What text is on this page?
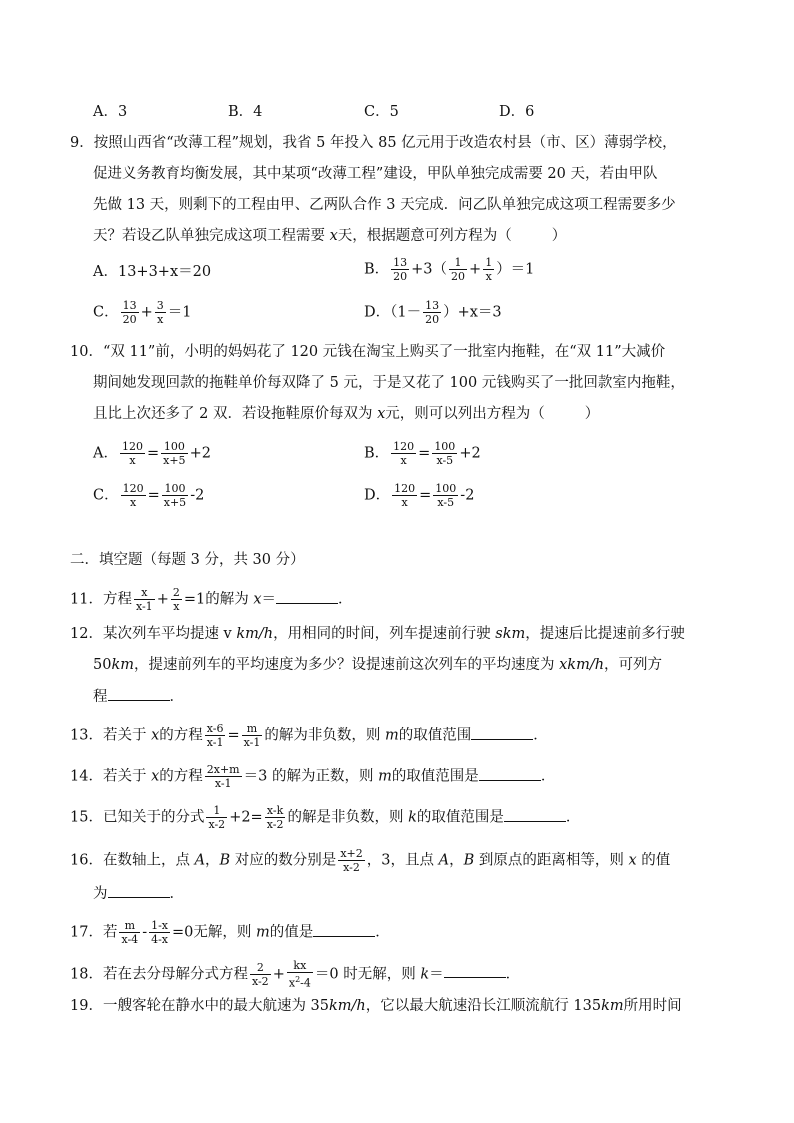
A．3	B．4	C．5	D．6
9．按照山西省“改薄工程”规划，我省 5 年投入 85 亿元用于改造农村县（市、区）薄弱学校，
促进义务教育均衡发展，其中某项“改薄工程”建设，甲队单独完成需要 20 天，若由甲队
先做 13 天，则剩下的工程由甲、乙两队合作 3 天完成．问乙队单独完成这项工程需要多少
天？若设乙队单独完成这项工程需要 x天，根据题意可列方程为（	）
A．13+3+x＝20	B． $\frac{13}{20} +3( \frac{1}{20} + \frac{1}{x} )=1$
C． $\frac{13}{20} + \frac{3}{x} =1$	D．$(1- \frac{13}{20} )+x=3$
10．“双 11”前，小明的妈妈花了 120 元钱在淘宝上购买了一批室内拖鞋，在“双 11”大减价
期间她发现回款的拖鞋单价每双降了 5 元，于是又花了 100 元钱购买了一批回款室内拖鞋，
且比上次还多了 2 双．若设拖鞋原价每双为 x元，则可以列出方程为（	）
A． $\frac{120}{x} = \frac{100}{x+5} +2$	B． $\frac{120}{x} = \frac{100}{x-5} +2$
C． $\frac{120}{x} = \frac{100}{x+5} -2$	D． $\frac{120}{x} = \frac{100}{x-5} -2$
二．填空题（每题 3 分，共 30 分）
11．方程 $\frac{x}{x-1} + \frac{2}{x} =1$的解为 x＝	．
12．某次列车平均提速 v km/h，用相同的时间，列车提速前行驶 skm，提速后比提速前多行驶
50km，提速前列车的平均速度为多少？设提速前这次列车的平均速度为 xkm/h，可列方
程	．
13．若关于 x的方程 $\frac{x-6}{x-1} = \frac{m}{x-1}$ 的解为非负数，则 m的取值范围	．
14．若关于 x的方程 $\frac{2x+m}{x-1} =3$ 的解为正数，则 m的取值范围是	．
15．已知关于的分式 $\frac{1}{x-2} +2= \frac{x-k}{x-2}$ 的解是非负数，则 k的取值范围是	．
16．在数轴上，点 A，B 对应的数分别是 $\frac{x+2}{x-2}$ ，3，且点 A，B 到原点的距离相等，则 x 的值
为	．
17．若 $\frac{m}{x-4} - \frac{1-x}{4-x} =0$无解，则 m的值是	．
18．若在去分母解分式方程 $\frac{2}{x-2} + \frac{kx}{x^2-4} =0$ 时无解，则 k＝	．
19．一艘客轮在静水中的最大航速为 35km/h，它以最大航速沿长江顺流航行 135km所用时间
